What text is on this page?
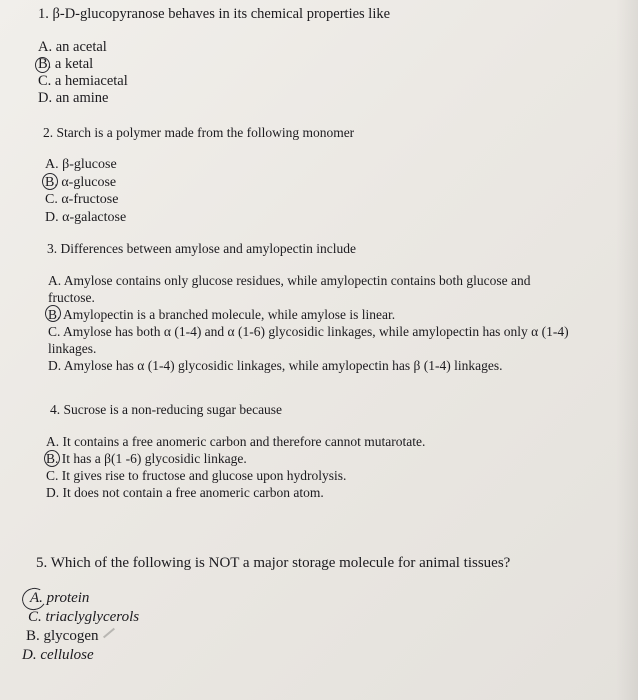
1. β-D-glucopyranose behaves in its chemical properties like
A. an acetal
B. a ketal
C. a hemiacetal
D. an amine
2. Starch is a polymer made from the following monomer
A. β-glucose
B. α-glucose
C. α-fructose
D. α-galactose
3. Differences between amylose and amylopectin include
A. Amylose contains only glucose residues, while amylopectin contains both glucose and fructose.
B. Amylopectin is a branched molecule, while amylose is linear.
C. Amylose has both α (1-4) and α (1-6) glycosidic linkages, while amylopectin has only α (1-4) linkages.
D. Amylose has α (1-4) glycosidic linkages, while amylopectin has β (1-4) linkages.
4. Sucrose is a non-reducing sugar because
A. It contains a free anomeric carbon and therefore cannot mutarotate.
B. It has a β(1 -6) glycosidic linkage.
C. It gives rise to fructose and glucose upon hydrolysis.
D. It does not contain a free anomeric carbon atom.
5. Which of the following is NOT a major storage molecule for animal tissues?
A. protein
C. triaclyglycerols
B. glycogen
D. cellulose
